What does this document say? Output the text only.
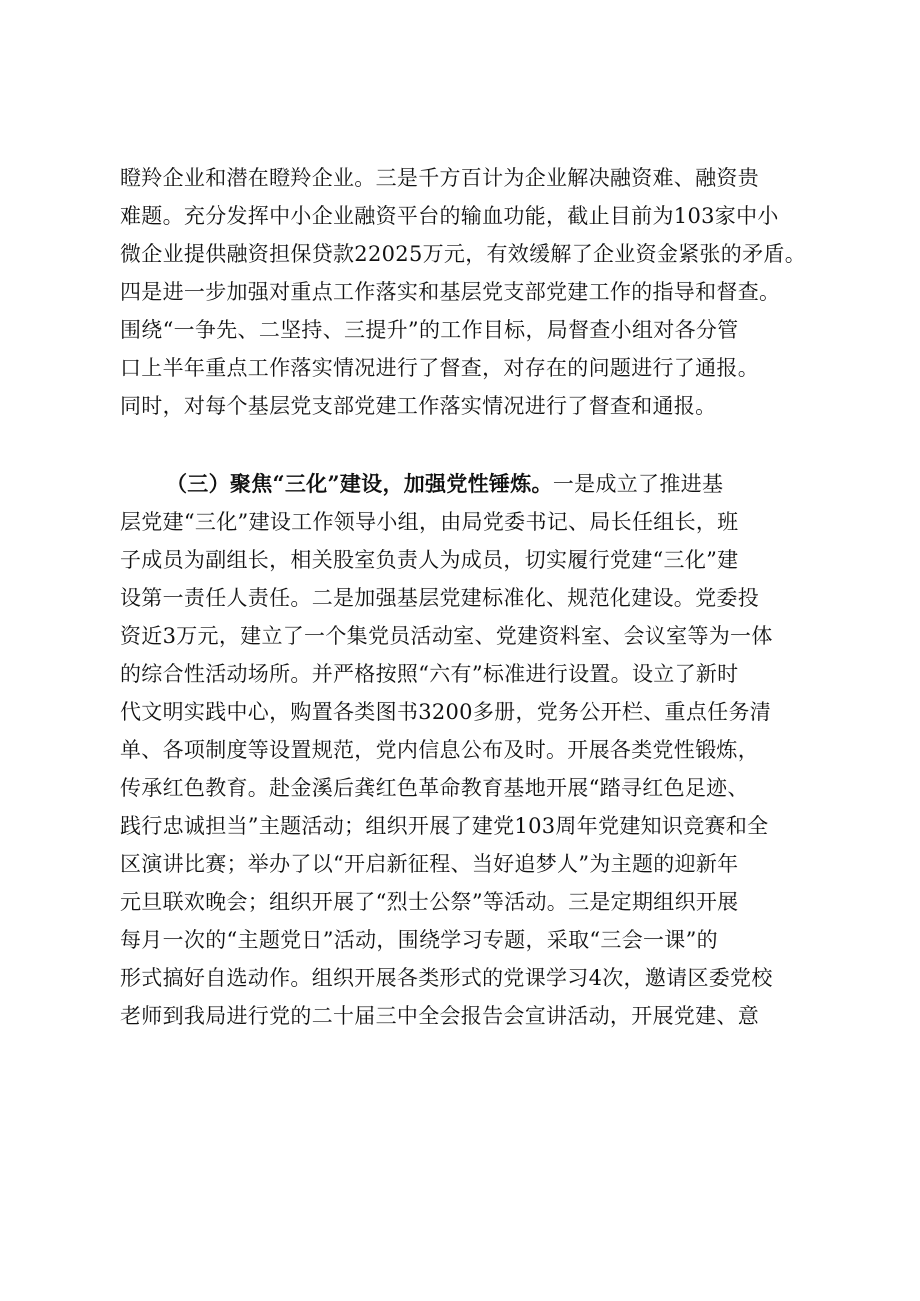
瞪羚企业和潜在瞪羚企业。三是千方百计为企业解决融资难、融资贵
难题。充分发挥中小企业融资平台的输血功能，截止目前为103家中小
微企业提供融资担保贷款22025万元，有效缓解了企业资金紧张的矛盾。
四是进一步加强对重点工作落实和基层党支部党建工作的指导和督查。
围绕“一争先、二坚持、三提升”的工作目标，局督查小组对各分管
口上半年重点工作落实情况进行了督查，对存在的问题进行了通报。
同时，对每个基层党支部党建工作落实情况进行了督查和通报。
（三）聚焦“三化”建设，加强党性锤炼。一是成立了推进基
层党建“三化”建设工作领导小组，由局党委书记、局长任组长，班
子成员为副组长，相关股室负责人为成员，切实履行党建“三化”建
设第一责任人责任。二是加强基层党建标准化、规范化建设。党委投
资近3万元，建立了一个集党员活动室、党建资料室、会议室等为一体
的综合性活动场所。并严格按照“六有”标准进行设置。设立了新时
代文明实践中心，购置各类图书3200多册，党务公开栏、重点任务清
单、各项制度等设置规范，党内信息公布及时。开展各类党性锻炼，
传承红色教育。赴金溪后龚红色革命教育基地开展“踏寻红色足迹、
践行忠诚担当”主题活动；组织开展了建党103周年党建知识竞赛和全
区演讲比赛；举办了以“开启新征程、当好追梦人”为主题的迎新年
元旦联欢晚会；组织开展了“烈士公祭”等活动。三是定期组织开展
每月一次的“主题党日”活动，围绕学习专题，采取“三会一课”的
形式搞好自选动作。组织开展各类形式的党课学习4次，邀请区委党校
老师到我局进行党的二十届三中全会报告会宣讲活动，开展党建、意
